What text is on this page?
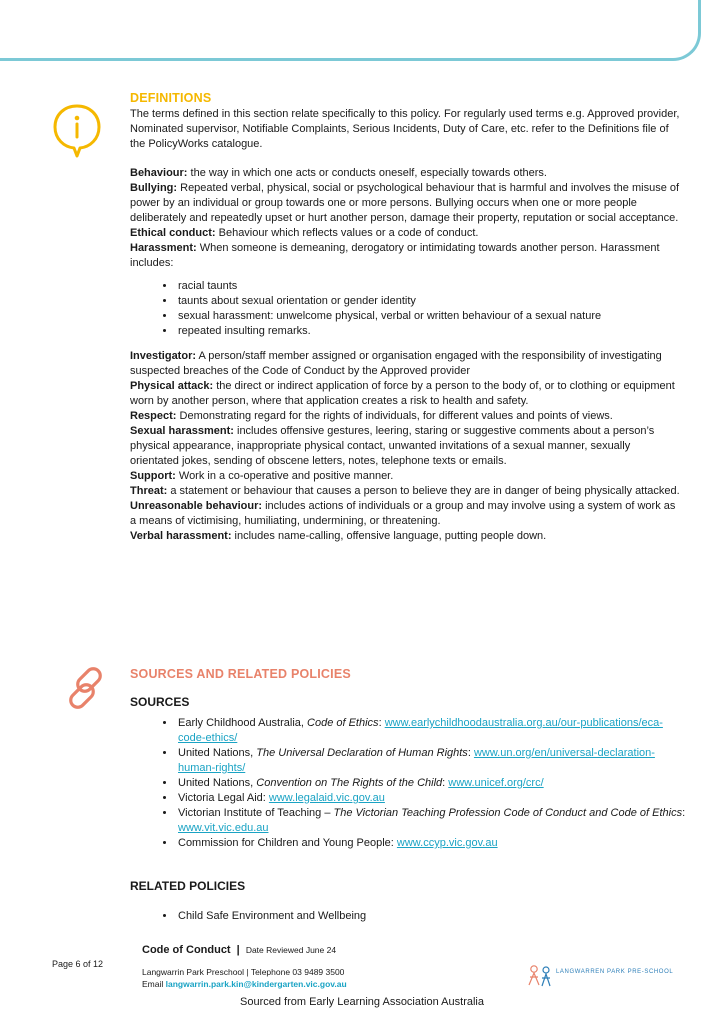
DEFINITIONS

The terms defined in this section relate specifically to this policy. For regularly used terms e.g. Approved provider, Nominated supervisor, Notifiable Complaints, Serious Incidents, Duty of Care, etc. refer to the Definitions file of the PolicyWorks catalogue.

Behaviour: the way in which one acts or conducts oneself, especially towards others.

Bullying: Repeated verbal, physical, social or psychological behaviour that is harmful and involves the misuse of power by an individual or group towards one or more persons. Bullying occurs when one or more people deliberately and repeatedly upset or hurt another person, damage their property, reputation or social acceptance.

Ethical conduct: Behaviour which reflects values or a code of conduct.

Harassment: When someone is demeaning, derogatory or intimidating towards another person. Harassment includes:

• racial taunts
• taunts about sexual orientation or gender identity
• sexual harassment: unwelcome physical, verbal or written behaviour of a sexual nature
• repeated insulting remarks.

Investigator: A person/staff member assigned or organisation engaged with the responsibility of investigating suspected breaches of the Code of Conduct by the Approved provider

Physical attack: the direct or indirect application of force by a person to the body of, or to clothing or equipment worn by another person, where that application creates a risk to health and safety.

Respect: Demonstrating regard for the rights of individuals, for different values and points of views.

Sexual harassment: includes offensive gestures, leering, staring or suggestive comments about a person’s physical appearance, inappropriate physical contact, unwanted invitations of a sexual manner, sexually orientated jokes, sending of obscene letters, notes, telephone texts or emails.

Support: Work in a co-operative and positive manner.

Threat: a statement or behaviour that causes a person to believe they are in danger of being physically attacked.

Unreasonable behaviour: includes actions of individuals or a group and may involve using a system of work as a means of victimising, humiliating, undermining, or threatening.

Verbal harassment: includes name-calling, offensive language, putting people down.

SOURCES AND RELATED POLICIES
SOURCES
• Early Childhood Australia, Code of Ethics: www.earlychildhoodaustralia.org.au/our-publications/eca-code-ethics/
• United Nations, The Universal Declaration of Human Rights: www.un.org/en/universal-declaration-human-rights/
• United Nations, Convention on The Rights of the Child: www.unicef.org/crc/
• Victoria Legal Aid: www.legalaid.vic.gov.au
• Victorian Institute of Teaching – The Victorian Teaching Profession Code of Conduct and Code of Ethics: www.vit.vic.edu.au
• Commission for Children and Young People: www.ccyp.vic.gov.au
RELATED POLICIES
• Child Safe Environment and Wellbeing
Page 6 of 12
Code of Conduct | Date Reviewed June 24
Langwarrin Park Preschool | Telephone 03 9489 3500
Email langwarrin.park.kin@kindergarten.vic.gov.au
LANGWARREN PARK PRE-SCHOOL
Sourced from Early Learning Association Australia
